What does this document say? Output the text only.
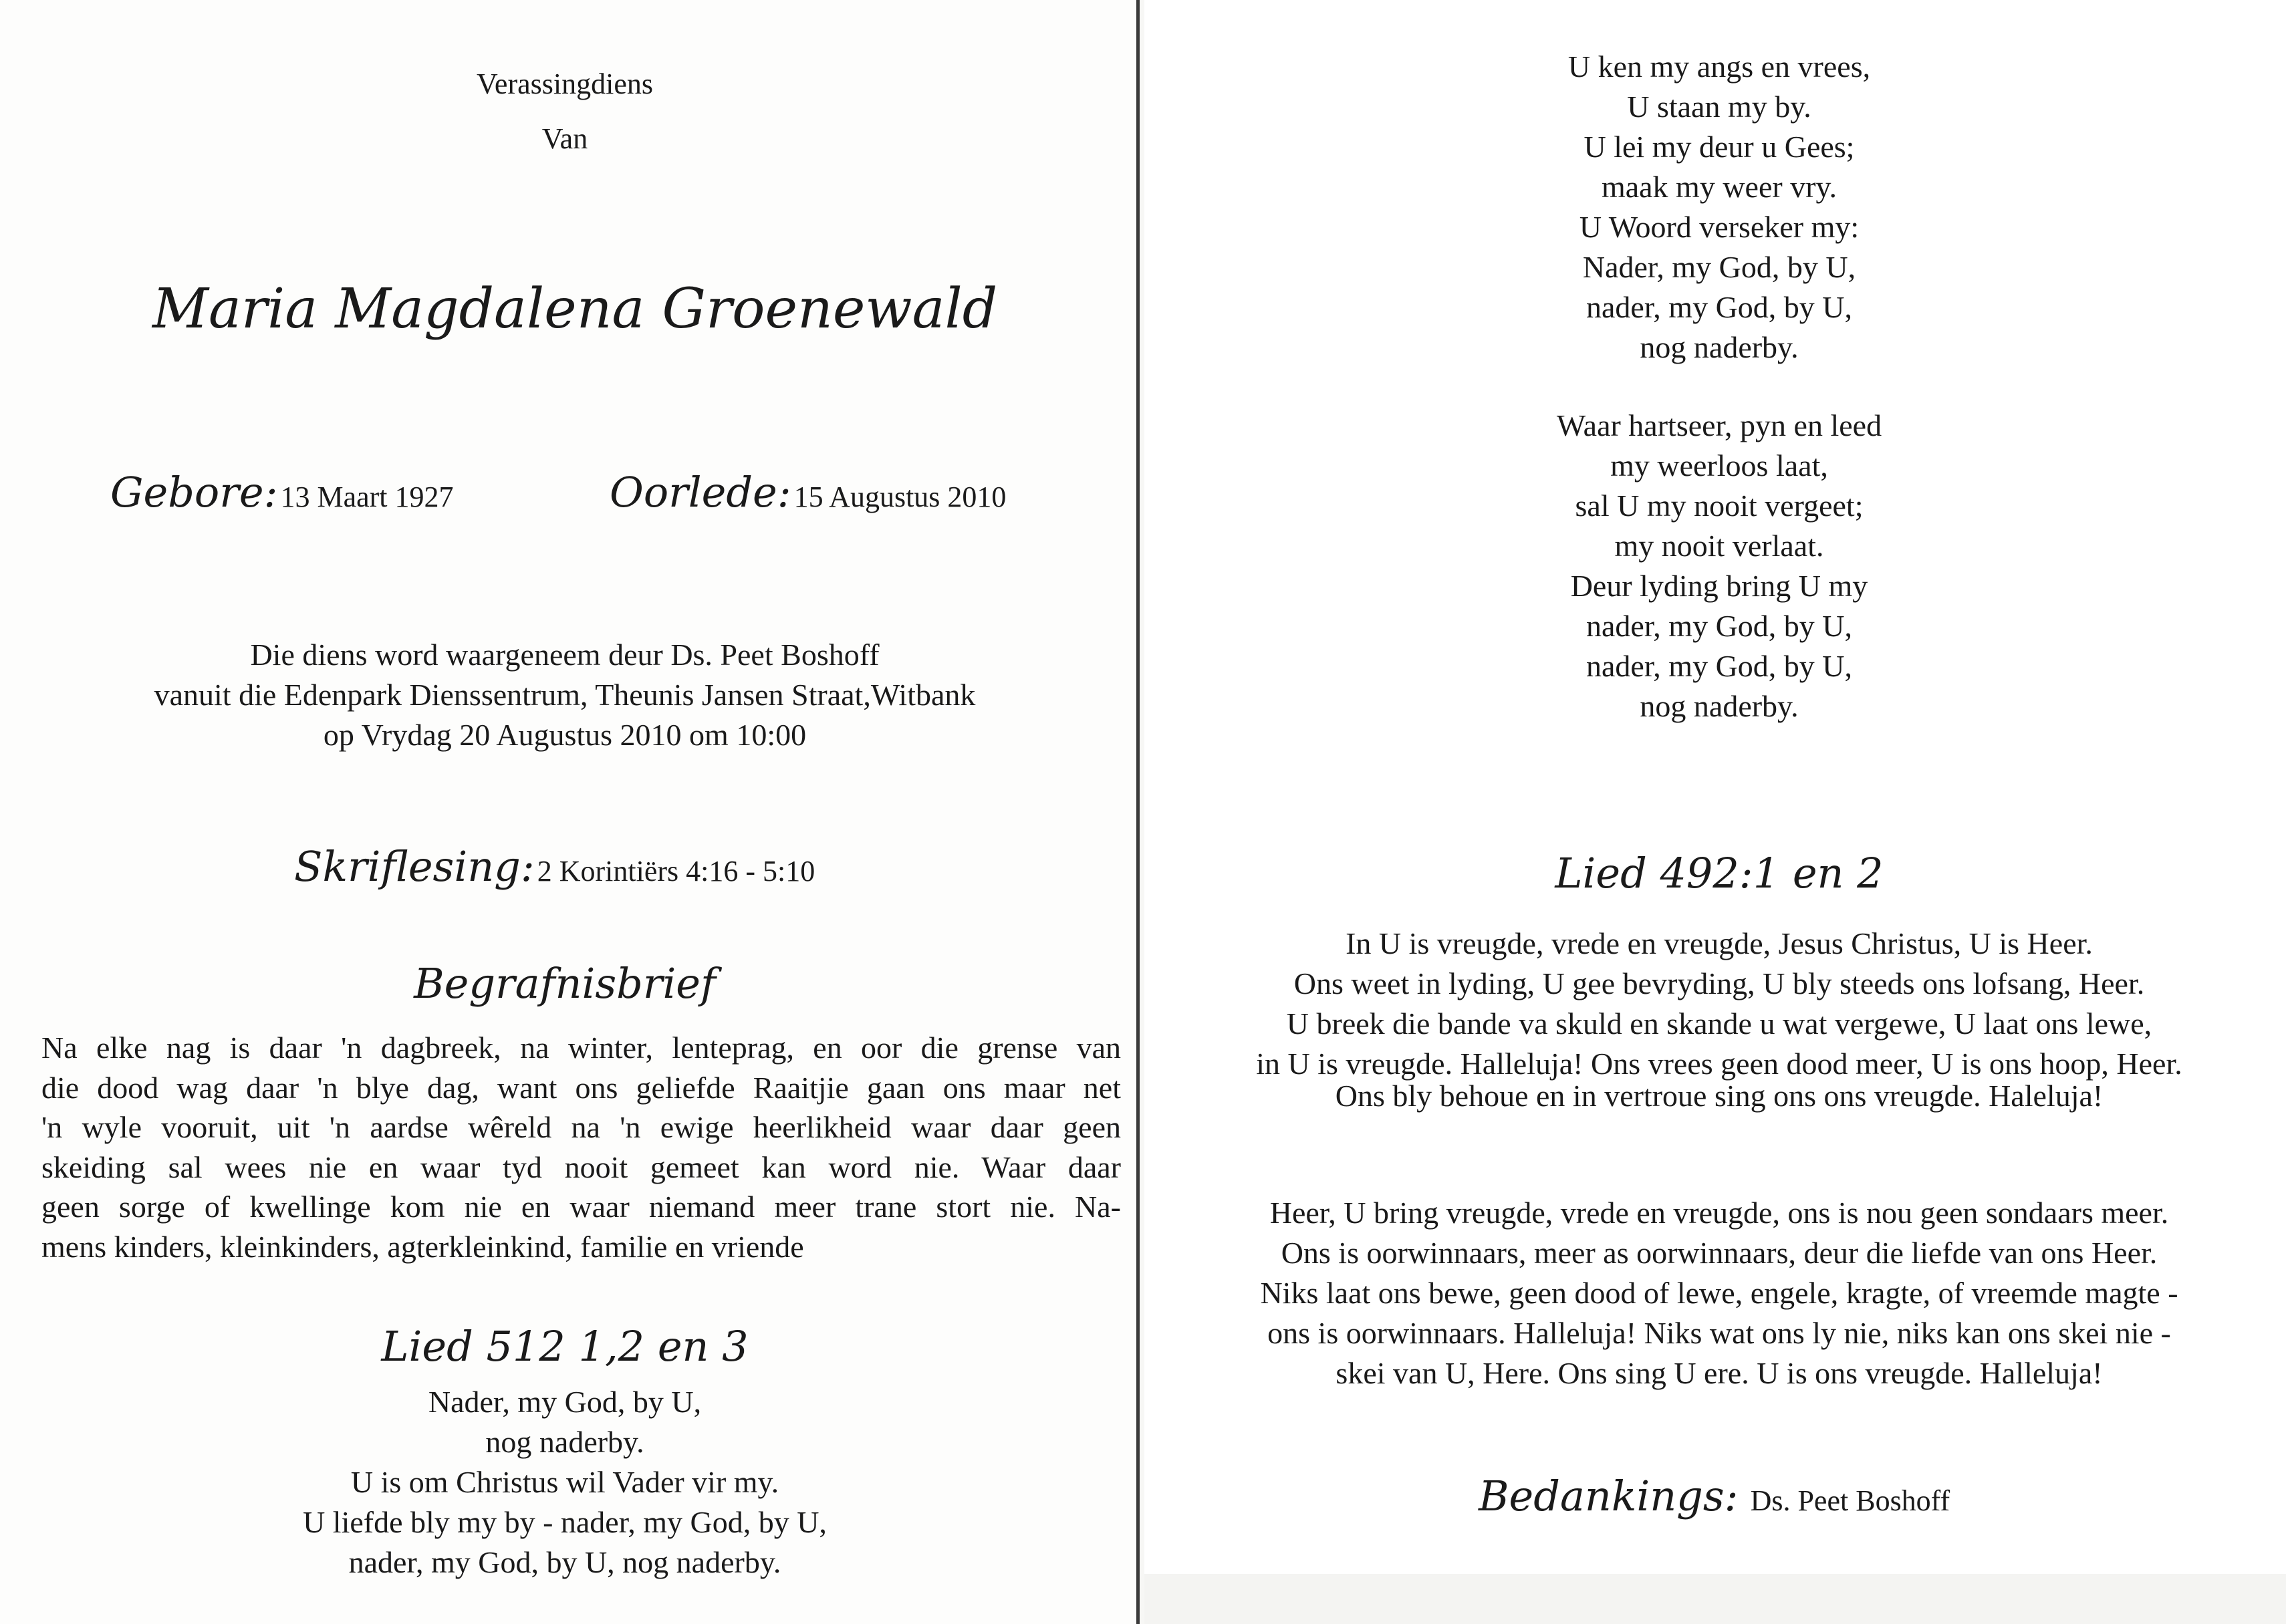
Verassingdiens
Van
Maria Magdalena Groenewald
Gebore: 13 Maart 1927	Oorlede: 15 Augustus 2010
Die diens word waargeneem deur Ds. Peet Boshoff
vanuit die Edenpark Dienssentrum, Theunis Jansen Straat,Witbank
op Vrydag 20 Augustus 2010 om 10:00
Skriflesing: 2 Korintiërs 4:16 - 5:10
Begrafnisbrief
Na elke nag is daar 'n dagbreek, na winter, lenteprag, en oor die grense van
die dood wag daar 'n blye dag, want ons geliefde Raaitjie gaan ons maar net
'n wyle vooruit, uit 'n aardse wêreld na 'n ewige heerlikheid waar daar geen
skeiding sal wees nie en waar tyd nooit gemeet kan word nie. Waar daar
geen sorge of kwellinge kom nie en waar niemand meer trane stort nie. Na-
mens kinders, kleinkinders, agterkleinkind, familie en vriende
Lied 512 1,2 en 3
Nader, my God, by U,
nog naderby.
U is om Christus wil Vader vir my.
U liefde bly my by - nader, my God, by U,
nader, my God, by U, nog naderby.
U ken my angs en vrees,
U staan my by.
U lei my deur u Gees;
maak my weer vry.
U Woord verseker my:
Nader, my God, by U,
nader, my God, by U,
nog naderby.
Waar hartseer, pyn en leed
my weerloos laat,
sal U my nooit vergeet;
my nooit verlaat.
Deur lyding bring U my
nader, my God, by U,
nader, my God, by U,
nog naderby.
Lied 492:1 en 2
In U is vreugde, vrede en vreugde, Jesus Christus, U is Heer.
Ons weet in lyding, U gee bevryding, U bly steeds ons lofsang, Heer.
U breek die bande va skuld en skande u wat vergewe, U laat ons lewe,
in U is vreugde. Halleluja! Ons vrees geen dood meer, U is ons hoop, Heer.
Ons bly behoue en in vertroue sing ons ons vreugde. Haleluja!
Heer, U bring vreugde, vrede en vreugde, ons is nou geen sondaars meer.
Ons is oorwinnaars, meer as oorwinnaars, deur die liefde van ons Heer.
Niks laat ons bewe, geen dood of lewe, engele, kragte, of vreemde magte -
ons is oorwinnaars. Halleluja! Niks wat ons ly nie, niks kan ons skei nie -
skei van U, Here. Ons sing U ere. U is ons vreugde. Halleluja!
Bedankings: Ds. Peet Boshoff
